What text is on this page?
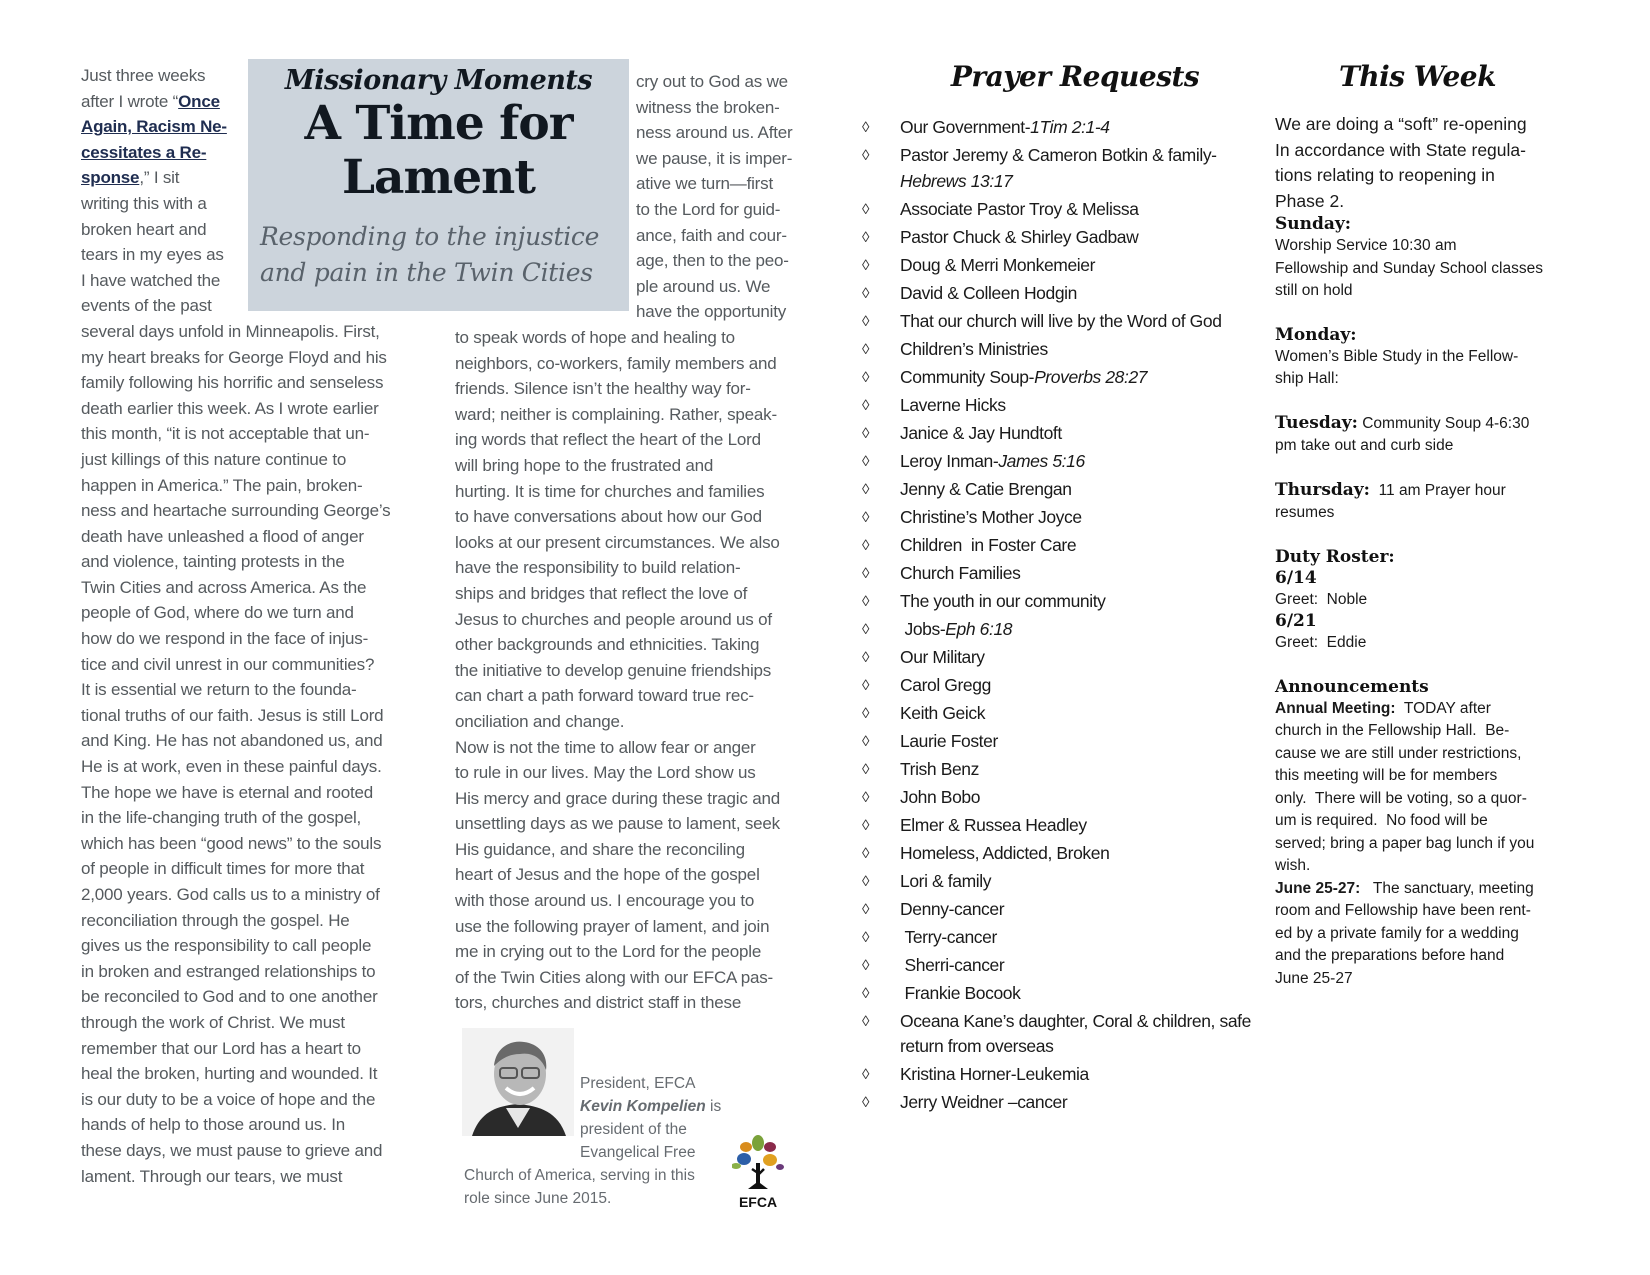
Just three weeks
after I wrote “Once
Again, Racism Ne-
cessitates a Re-
sponse,” I sit
writing this with a
broken heart and
tears in my eyes as
I have watched the
events of the past
several days unfold in Minneapolis. First,
my heart breaks for George Floyd and his
family following his horrific and senseless
death earlier this week. As I wrote earlier
this month, “it is not acceptable that un-
just killings of this nature continue to
happen in America.” The pain, broken-
ness and heartache surrounding George’s
death have unleashed a flood of anger
and violence, tainting protests in the
Twin Cities and across America. As the
people of God, where do we turn and
how do we respond in the face of injus-
tice and civil unrest in our communities?
It is essential we return to the founda-
tional truths of our faith. Jesus is still Lord
and King. He has not abandoned us, and
He is at work, even in these painful days.
The hope we have is eternal and rooted
in the life-changing truth of the gospel,
which has been “good news” to the souls
of people in difficult times for more that
2,000 years. God calls us to a ministry of
reconciliation through the gospel. He
gives us the responsibility to call people
in broken and estranged relationships to
be reconciled to God and to one another
through the work of Christ. We must
remember that our Lord has a heart to
heal the broken, hurting and wounded. It
is our duty to be a voice of hope and the
hands of help to those around us. In
these days, we must pause to grieve and
lament. Through our tears, we must
Missionary Moments
A Time for
Lament
Responding to the injustice
and pain in the Twin Cities
cry out to God as we
witness the broken-
ness around us. After
we pause, it is imper-
ative we turn—first
to the Lord for guid-
ance, faith and cour-
age, then to the peo-
ple around us. We
have the opportunity
to speak words of hope and healing to
neighbors, co-workers, family members and
friends. Silence isn’t the healthy way for-
ward; neither is complaining. Rather, speak-
ing words that reflect the heart of the Lord
will bring hope to the frustrated and
hurting. It is time for churches and families
to have conversations about how our God
looks at our present circumstances. We also
have the responsibility to build relation-
ships and bridges that reflect the love of
Jesus to churches and people around us of
other backgrounds and ethnicities. Taking
the initiative to develop genuine friendships
can chart a path forward toward true rec-
onciliation and change.
Now is not the time to allow fear or anger
to rule in our lives. May the Lord show us
His mercy and grace during these tragic and
unsettling days as we pause to lament, seek
His guidance, and share the reconciling
heart of Jesus and the hope of the gospel
with those around us. I encourage you to
use the following prayer of lament, and join
me in crying out to the Lord for the people
of the Twin Cities along with our EFCA pas-
tors, churches and district staff in these
President, EFCA
Kevin Kompelien is
president of the
Evangelical Free
Church of America, serving in this
role since June 2015.	EFCA
Prayer Requests
◊ Our Government-1Tim 2:1-4
◊ Pastor Jeremy & Cameron Botkin & family-
Hebrews 13:17
◊ Associate Pastor Troy & Melissa
◊ Pastor Chuck & Shirley Gadbaw
◊ Doug & Merri Monkemeier
◊ David & Colleen Hodgin
◊ That our church will live by the Word of God
◊ Children’s Ministries
◊ Community Soup-Proverbs 28:27
◊ Laverne Hicks
◊ Janice & Jay Hundtoft
◊ Leroy Inman-James 5:16
◊ Jenny & Catie Brengan
◊ Christine’s Mother Joyce
◊ Children  in Foster Care
◊ Church Families
◊ The youth in our community
◊ Jobs-Eph 6:18
◊ Our Military
◊ Carol Gregg
◊ Keith Geick
◊ Laurie Foster
◊ Trish Benz
◊ John Bobo
◊ Elmer & Russea Headley
◊ Homeless, Addicted, Broken
◊ Lori & family
◊ Denny-cancer
◊ Terry-cancer
◊ Sherri-cancer
◊ Frankie Bocook
◊ Oceana Kane’s daughter, Coral & children, safe return from overseas
◊ Kristina Horner-Leukemia
◊ Jerry Weidner –cancer
This Week
We are doing a “soft” re-opening
In accordance with State regula-
tions relating to reopening in
Phase 2.
Sunday:
Worship Service 10:30 am
Fellowship and Sunday School classes
still on hold
Monday:
Women’s Bible Study in the Fellow-
ship Hall:
Tuesday: Community Soup 4-6:30
pm take out and curb side
Thursday:  11 am Prayer hour
resumes
Duty Roster:
6/14
Greet:  Noble
6/21
Greet:  Eddie
Announcements
Annual Meeting:  TODAY after
church in the Fellowship Hall.  Be-
cause we are still under restrictions,
this meeting will be for members
only.  There will be voting, so a quor-
um is required.  No food will be
served; bring a paper bag lunch if you
wish.
June 25-27:   The sanctuary, meeting
room and Fellowship have been rent-
ed by a private family for a wedding
and the preparations before hand
June 25-27
